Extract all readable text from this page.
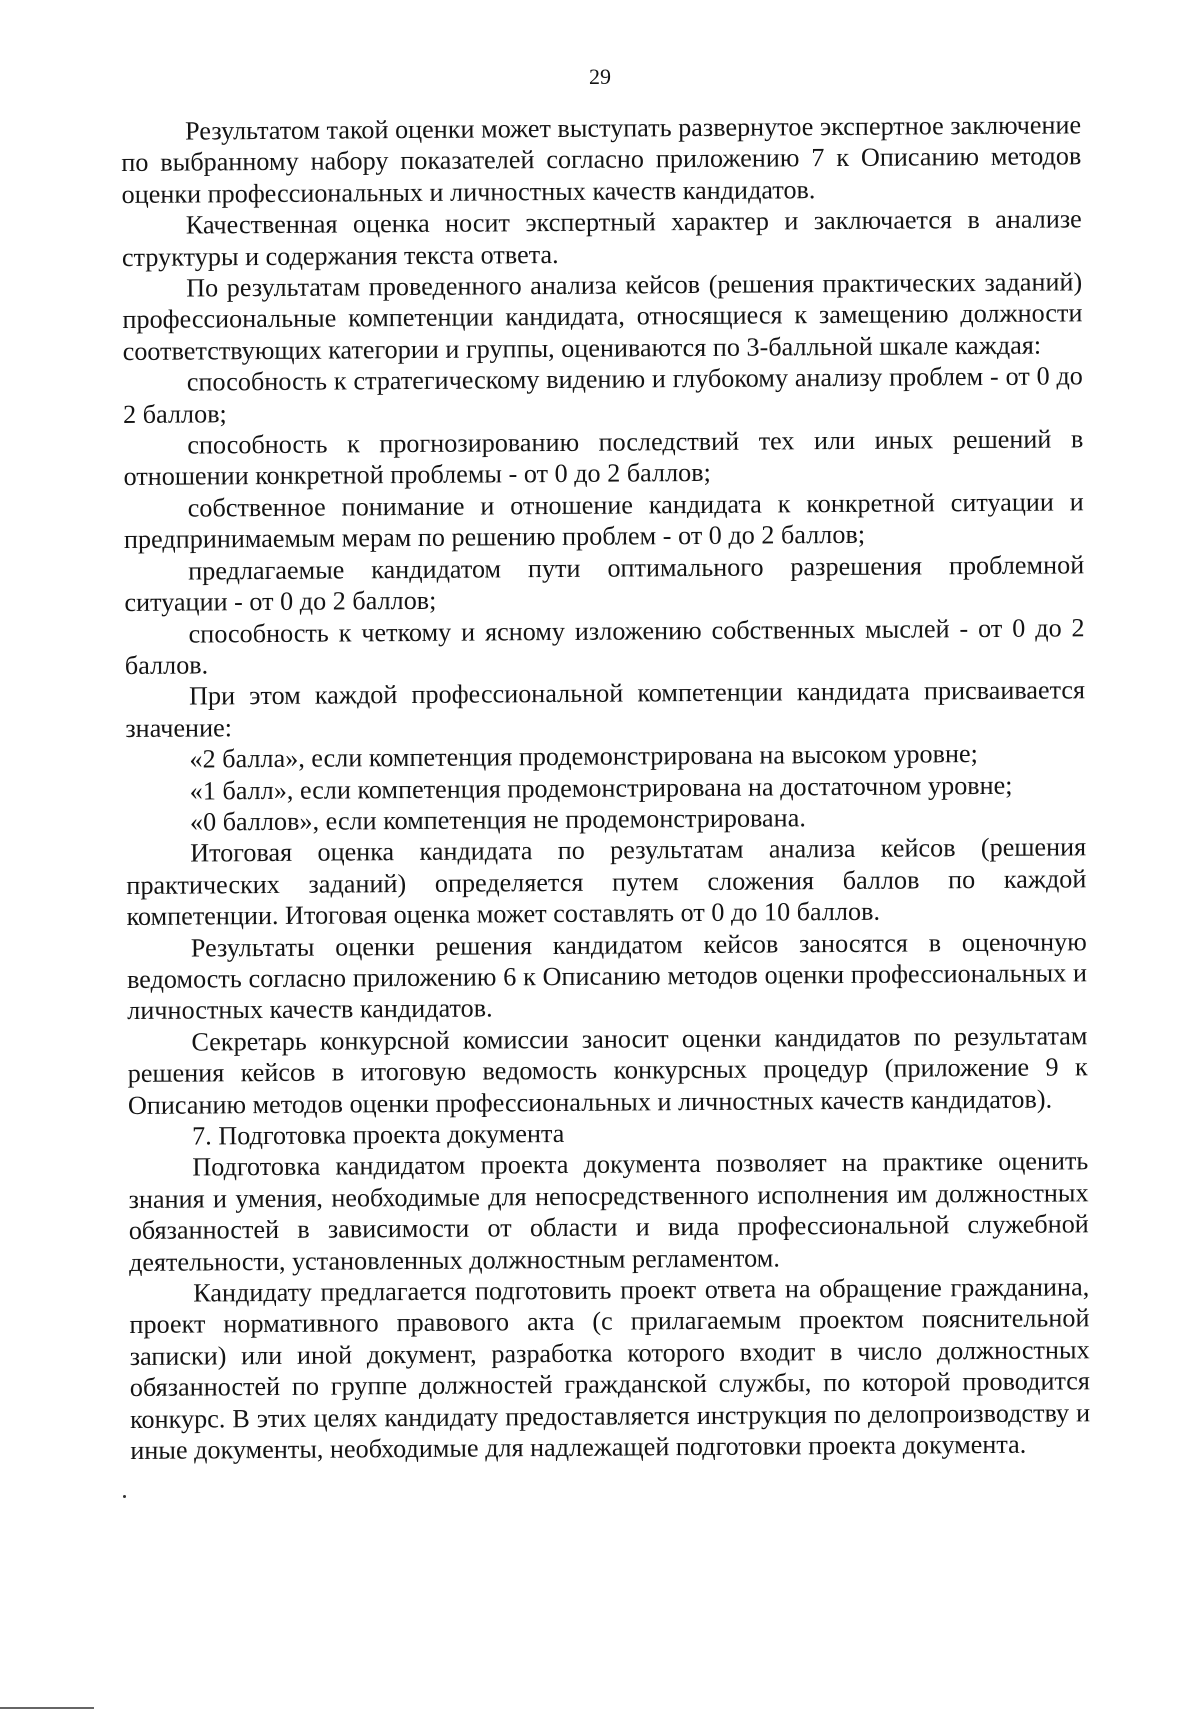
29

Результатом такой оценки может выступать развернутое экспертное заключение по выбранному набору показателей согласно приложению 7 к Описанию методов оценки профессиональных и личностных качеств кандидатов.

Качественная оценка носит экспертный характер и заключается в анализе структуры и содержания текста ответа.

По результатам проведенного анализа кейсов (решения практических заданий) профессиональные компетенции кандидата, относящиеся к замещению должности соответствующих категории и группы, оцениваются по 3-балльной шкале каждая:

способность к стратегическому видению и глубокому анализу проблем - от 0 до 2 баллов;

способность к прогнозированию последствий тех или иных решений в отношении конкретной проблемы - от 0 до 2 баллов;

собственное понимание и отношение кандидата к конкретной ситуации и предпринимаемым мерам по решению проблем - от 0 до 2 баллов;

предлагаемые кандидатом пути оптимального разрешения проблемной ситуации - от 0 до 2 баллов;

способность к четкому и ясному изложению собственных мыслей - от 0 до 2 баллов.

При этом каждой профессиональной компетенции кандидата присваивается значение:

«2 балла», если компетенция продемонстрирована на высоком уровне;

«1 балл», если компетенция продемонстрирована на достаточном уровне;

«0 баллов», если компетенция не продемонстрирована.

Итоговая оценка кандидата по результатам анализа кейсов (решения практических заданий) определяется путем сложения баллов по каждой компетенции. Итоговая оценка может составлять от 0 до 10 баллов.

Результаты оценки решения кандидатом кейсов заносятся в оценочную ведомость согласно приложению 6 к Описанию методов оценки профессиональных и личностных качеств кандидатов.

Секретарь конкурсной комиссии заносит оценки кандидатов по результатам решения кейсов в итоговую ведомость конкурсных процедур (приложение 9 к Описанию методов оценки профессиональных и личностных качеств кандидатов).

7. Подготовка проекта документа

Подготовка кандидатом проекта документа позволяет на практике оценить знания и умения, необходимые для непосредственного исполнения им должностных обязанностей в зависимости от области и вида профессиональной служебной деятельности, установленных должностным регламентом.

Кандидату предлагается подготовить проект ответа на обращение гражданина, проект нормативного правового акта (с прилагаемым проектом пояснительной записки) или иной документ, разработка которого входит в число должностных обязанностей по группе должностей гражданской службы, по которой проводится конкурс. В этих целях кандидату предоставляется инструкция по делопроизводству и иные документы, необходимые для надлежащей подготовки проекта документа.
